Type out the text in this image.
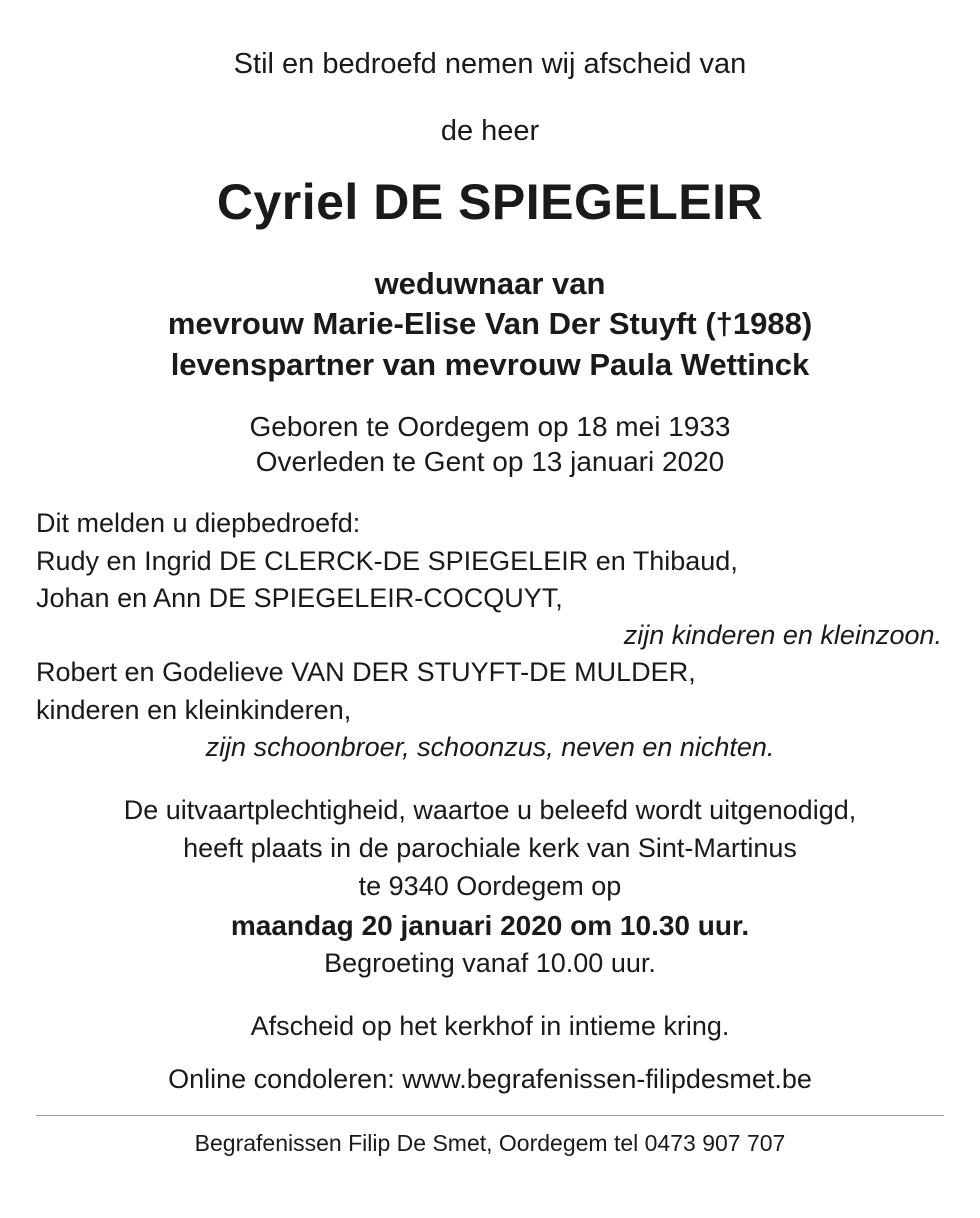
Stil en bedroefd nemen wij afscheid van
de heer
Cyriel DE SPIEGELEIR
weduwnaar van
mevrouw Marie-Elise Van Der Stuyft (†1988)
levenspartner van mevrouw Paula Wettinck
Geboren te Oordegem op 18 mei 1933
Overleden te Gent op 13 januari 2020
Dit melden u diepbedroefd:
Rudy en Ingrid DE CLERCK-DE SPIEGELEIR en Thibaud,
Johan en Ann DE SPIEGELEIR-COCQUYT,
zijn kinderen en kleinzoon.
Robert en Godelieve VAN DER STUYFT-DE MULDER,
kinderen en kleinkinderen,
zijn schoonbroer, schoonzus, neven en nichten.
De uitvaartplechtigheid, waartoe u beleefd wordt uitgenodigd,
heeft plaats in de parochiale kerk van Sint-Martinus
te 9340 Oordegem op
maandag 20 januari 2020 om 10.30 uur.
Begroeting vanaf 10.00 uur.
Afscheid op het kerkhof in intieme kring.
Online condoleren: www.begrafenissen-filipdesmet.be
Begrafenissen Filip De Smet, Oordegem tel 0473 907 707
